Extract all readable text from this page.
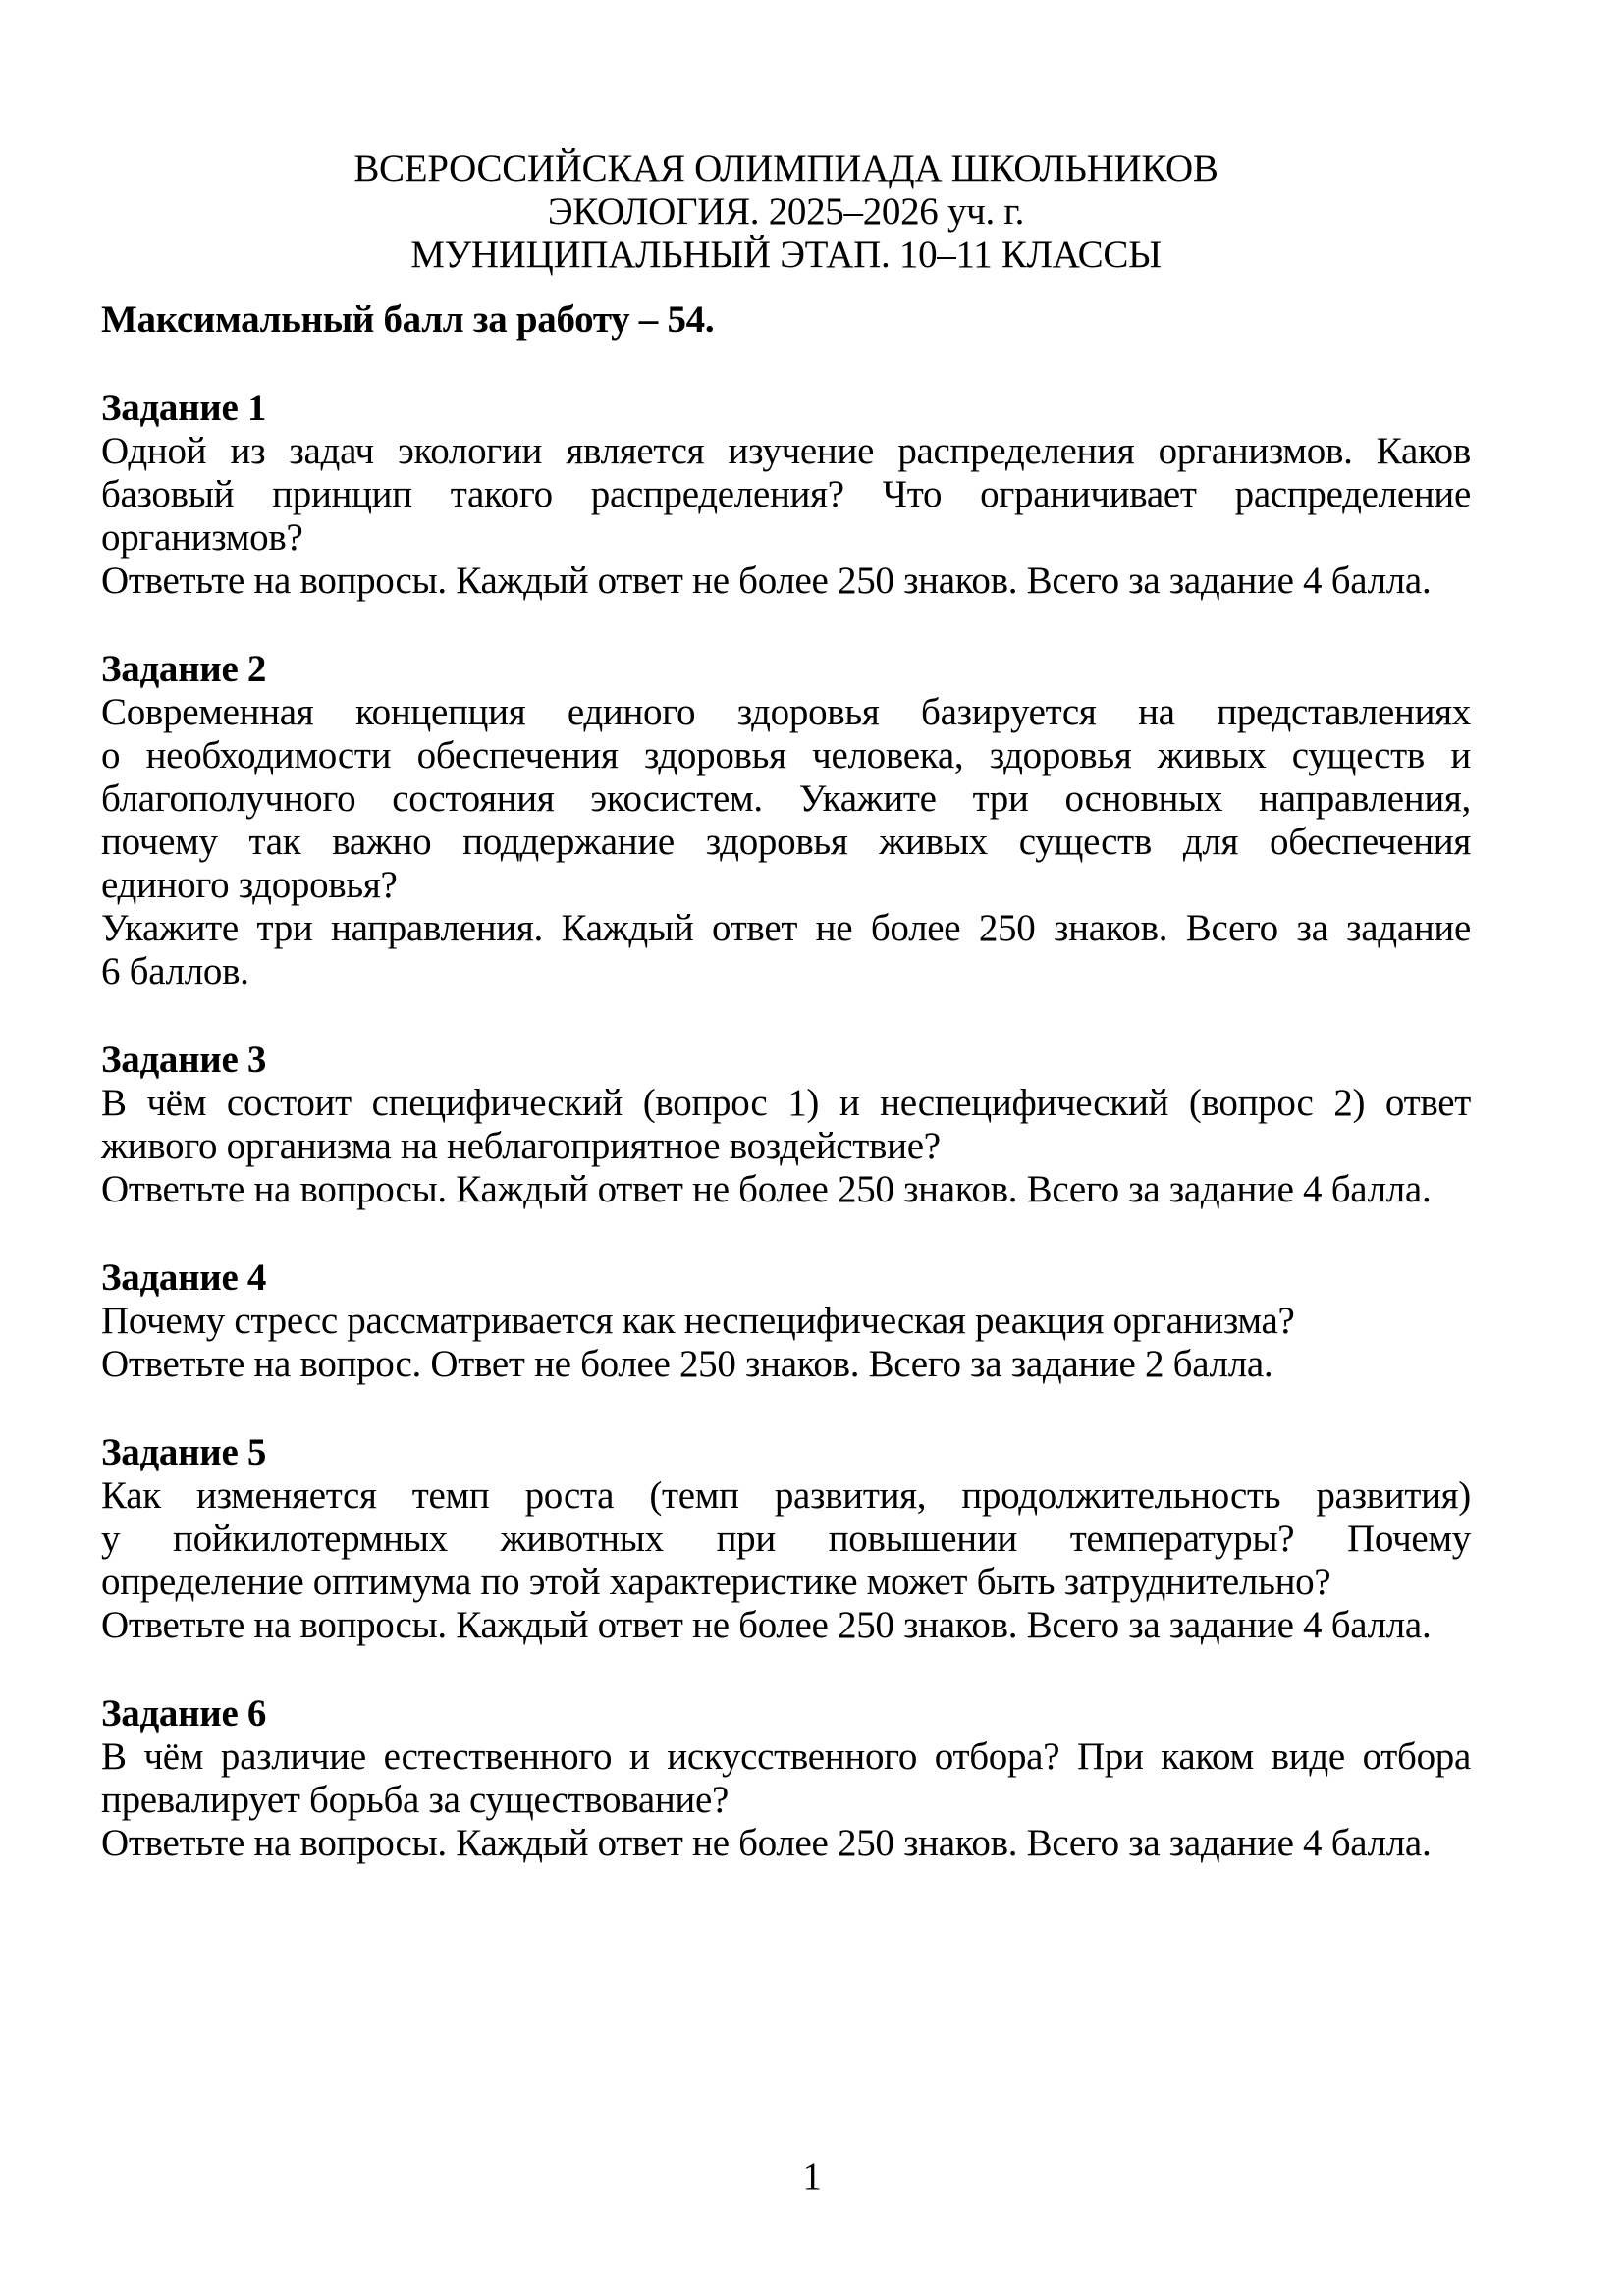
ВСЕРОССИЙСКАЯ ОЛИМПИАДА ШКОЛЬНИКОВ
ЭКОЛОГИЯ. 2025–2026 уч. г.
МУНИЦИПАЛЬНЫЙ ЭТАП. 10–11 КЛАССЫ
Максимальный балл за работу – 54.
Задание 1
Одной из задач экологии является изучение распределения организмов. Каков
базовый принцип такого распределения? Что ограничивает распределение
организмов?
Ответьте на вопросы. Каждый ответ не более 250 знаков. Всего за задание 4 балла.
Задание 2
Современная концепция единого здоровья базируется на представлениях
о необходимости обеспечения здоровья человека, здоровья живых существ и
благополучного состояния экосистем. Укажите три основных направления,
почему так важно поддержание здоровья живых существ для обеспечения
единого здоровья?
Укажите три направления. Каждый ответ не более 250 знаков. Всего за задание
6 баллов.
Задание 3
В чём состоит специфический (вопрос 1) и неспецифический (вопрос 2) ответ
живого организма на неблагоприятное воздействие?
Ответьте на вопросы. Каждый ответ не более 250 знаков. Всего за задание 4 балла.
Задание 4
Почему стресс рассматривается как неспецифическая реакция организма?
Ответьте на вопрос. Ответ не более 250 знаков. Всего за задание 2 балла.
Задание 5
Как изменяется темп роста (темп развития, продолжительность развития)
у пойкилотермных животных при повышении температуры? Почему
определение оптимума по этой характеристике может быть затруднительно?
Ответьте на вопросы. Каждый ответ не более 250 знаков. Всего за задание 4 балла.
Задание 6
В чём различие естественного и искусственного отбора? При каком виде отбора
превалирует борьба за существование?
Ответьте на вопросы. Каждый ответ не более 250 знаков. Всего за задание 4 балла.
1
